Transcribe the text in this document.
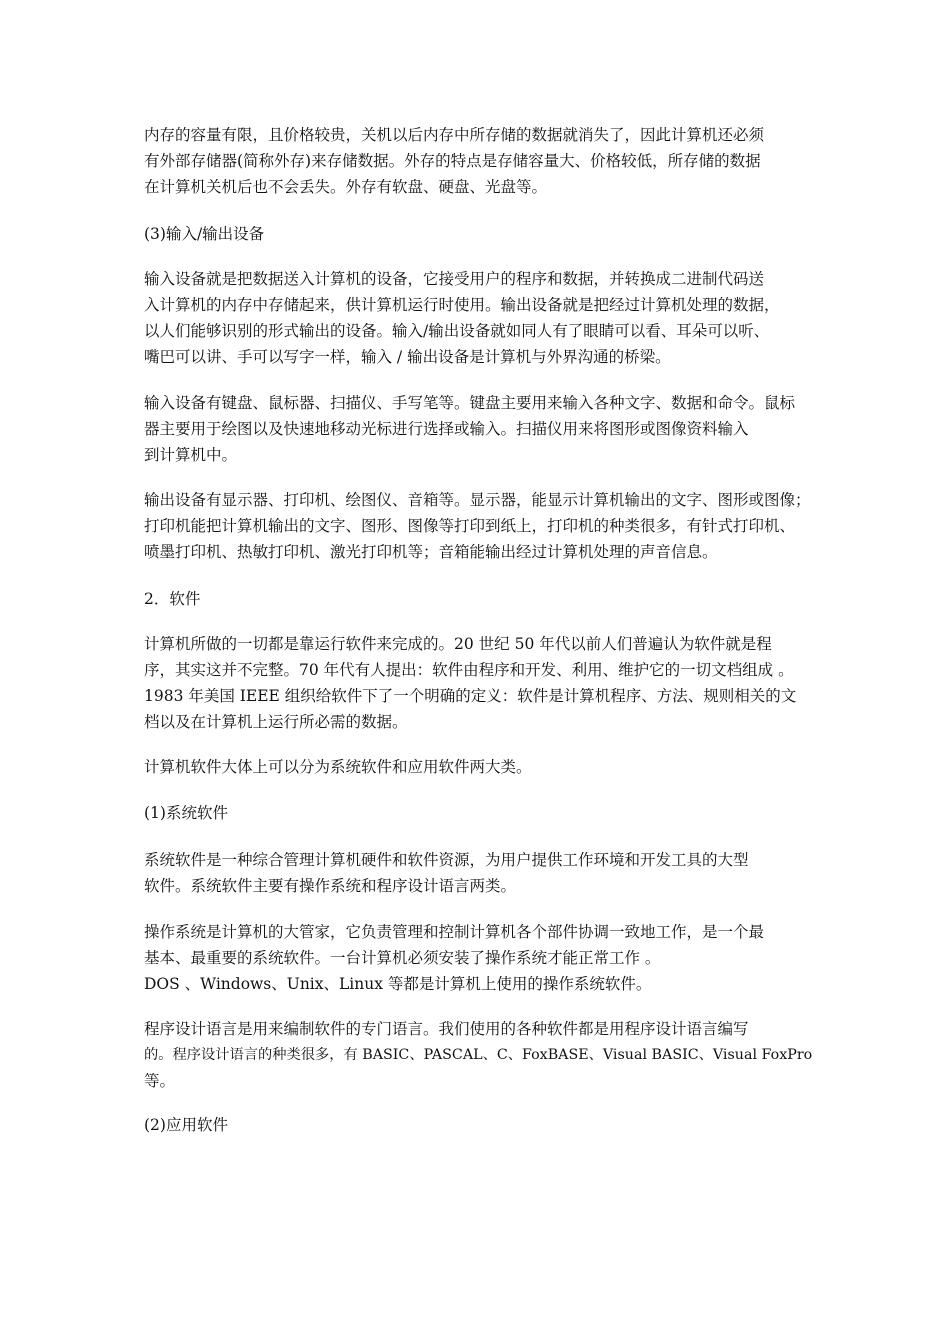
内存的容量有限，且价格较贵，关机以后内存中所存储的数据就消失了，因此计算机还必须
有外部存储器(简称外存)来存储数据。外存的特点是存储容量大、价格较低，所存储的数据
在计算机关机后也不会丢失。外存有软盘、硬盘、光盘等。
(3)输入/输出设备
输入设备就是把数据送入计算机的设备，它接受用户的程序和数据，并转换成二进制代码送
入计算机的内存中存储起来，供计算机运行时使用。输出设备就是把经过计算机处理的数据，
以人们能够识别的形式输出的设备。输入/输出设备就如同人有了眼睛可以看、耳朵可以听、
嘴巴可以讲、手可以写字一样，输入 / 输出设备是计算机与外界沟通的桥梁。
输入设备有键盘、鼠标器、扫描仪、手写笔等。键盘主要用来输入各种文字、数据和命令。鼠标
器主要用于绘图以及快速地移动光标进行选择或输入。扫描仪用来将图形或图像资料输入
到计算机中。
输出设备有显示器、打印机、绘图仪、音箱等。显示器，能显示计算机输出的文字、图形或图像；
打印机能把计算机输出的文字、图形、图像等打印到纸上，打印机的种类很多，有针式打印机、
喷墨打印机、热敏打印机、激光打印机等；音箱能输出经过计算机处理的声音信息。
2．软件
计算机所做的一切都是靠运行软件来完成的。20 世纪 50 年代以前人们普遍认为软件就是程
序，其实这并不完整。70 年代有人提出：软件由程序和开发、利用、维护它的一切文档组成 。
1983 年美国 IEEE 组织给软件下了一个明确的定义：软件是计算机程序、方法、规则相关的文
档以及在计算机上运行所必需的数据。
计算机软件大体上可以分为系统软件和应用软件两大类。
(1)系统软件
系统软件是一种综合管理计算机硬件和软件资源，为用户提供工作环境和开发工具的大型
软件。系统软件主要有操作系统和程序设计语言两类。
操作系统是计算机的大管家，它负责管理和控制计算机各个部件协调一致地工作，是一个最
基本、最重要的系统软件。一台计算机必须安装了操作系统才能正常工作 。
DOS 、Windows、Unix、Linux 等都是计算机上使用的操作系统软件。
程序设计语言是用来编制软件的专门语言。我们使用的各种软件都是用程序设计语言编写
的。程序设计语言的种类很多，有 BASIC、PASCAL、C、FoxBASE、Visual BASIC、Visual FoxPro
等。
(2)应用软件
